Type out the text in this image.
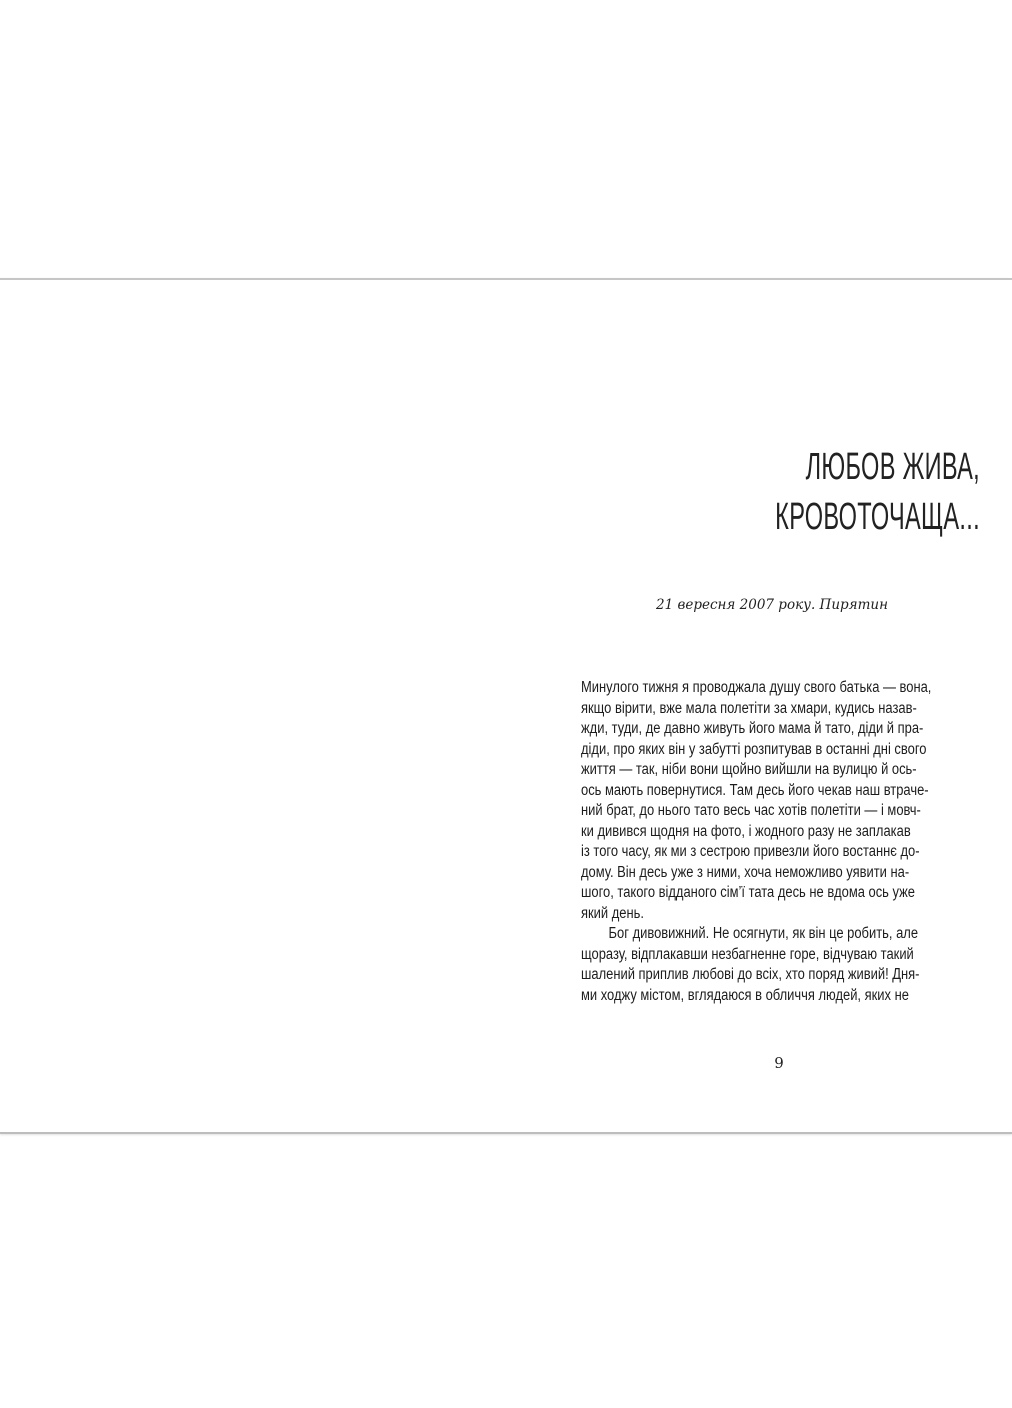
ЛЮБОВ ЖИВА,
КРОВОТОЧАЩА...

21 вересня 2007 року. Пирятин

Минулого тижня я проводжала душу свого батька — вона,
якщо вірити, вже мала полетіти за хмари, кудись назав-
жди, туди, де давно живуть його мама й тато, діди й пра-
діди, про яких він у забутті розпитував в останні дні свого
життя — так, ніби вони щойно вийшли на вулицю й ось-
ось мають повернутися. Там десь його чекав наш втраче-
ний брат, до нього тато весь час хотів полетіти — і мовч-
ки дивився щодня на фото, і жодного разу не заплакав
із того часу, як ми з сестрою привезли його востаннє до-
дому. Він десь уже з ними, хоча неможливо уявити на-
шого, такого відданого сім’ї тата десь не вдома ось уже
який день.
Бог дивовижний. Не осягнути, як він це робить, але
щоразу, відплакавши незбагненне горе, відчуваю такий
шалений приплив любові до всіх, хто поряд живий! Дня-
ми ходжу містом, вглядаюся в обличчя людей, яких не
9
